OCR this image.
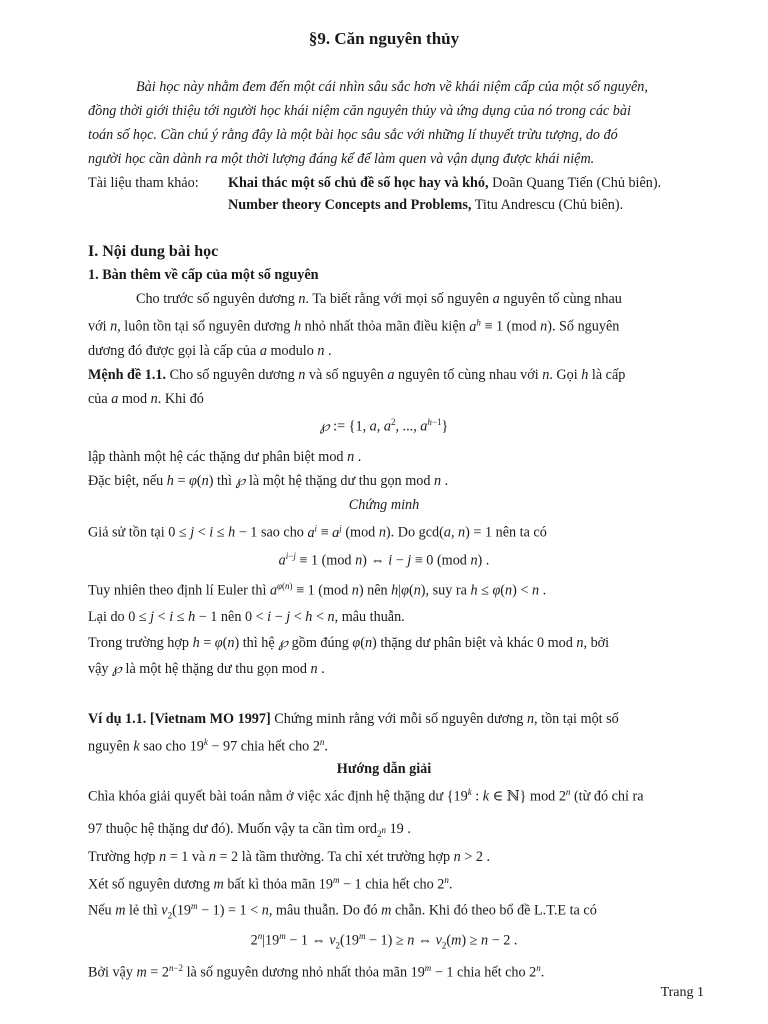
§9. Căn nguyên thủy
Bài học này nhằm đem đến một cái nhìn sâu sắc hơn về khái niệm cấp của một số nguyên,
đồng thời giới thiệu tới người học khái niệm căn nguyên thủy và ứng dụng của nó trong các bài
toán số học. Cần chú ý rằng đây là một bài học sâu sắc với những lí thuyết trừu tượng, do đó
người học cần dành ra một thời lượng đáng kể để làm quen và vận dụng được khái niệm.
Tài liệu tham khảo: Khai thác một số chủ đề số học hay và khó, Doãn Quang Tiến (Chủ biên).
Number theory Concepts and Problems, Titu Andrescu (Chủ biên).
I. Nội dung bài học
1. Bàn thêm về cấp của một số nguyên
Cho trước số nguyên dương n. Ta biết rằng với mọi số nguyên a nguyên tố cùng nhau
với n, luôn tồn tại số nguyên dương h nhỏ nhất thỏa mãn điều kiện $a^h \equiv 1$ (mod n). Số nguyên
dương đó được gọi là cấp của a modulo n .
Mệnh đề 1.1. Cho số nguyên dương n và số nguyên a nguyên tố cùng nhau với n. Gọi h là cấp
của a mod n. Khi đó
℘ := {1, a, $a^2$, ..., $a^{h-1}$}
lập thành một hệ các thặng dư phân biệt mod n .
Đặc biệt, nếu h = φ(n) thì ℘ là một hệ thặng dư thu gọn mod n .
Chứng minh
Giả sử tồn tại 0 ≤ j < i ≤ h − 1 sao cho $a^i \equiv a^j$ (mod n). Do gcd(a, n) = 1 nên ta có
$a^{i-j} \equiv 1$ (mod n) ⇔ i − j ≡ 0 (mod n) .
Tuy nhiên theo định lí Euler thì $a^{\varphi(n)} \equiv 1$ (mod n) nên h|φ(n), suy ra h ≤ φ(n) < n .
Lại do 0 ≤ j < i ≤ h − 1 nên 0 < i − j < h < n, mâu thuẫn.
Trong trường hợp h = φ(n) thì hệ ℘ gồm đúng φ(n) thặng dư phân biệt và khác 0 mod n, bởi
vậy ℘ là một hệ thặng dư thu gọn mod n .
Ví dụ 1.1. [Vietnam MO 1997] Chứng minh rằng với mỗi số nguyên dương n, tồn tại một số
nguyên k sao cho $19^k - 97$ chia hết cho 2$^n$.
Hướng dẫn giải
Chìa khóa giải quyết bài toán nằm ở việc xác định hệ thặng dư {19$^k$ : k ∈ ℕ} mod 2$^n$ (từ đó chỉ ra
97 thuộc hệ thặng dư đó). Muốn vậy ta cần tìm ord$_{2^n}$ 19 .
Trường hợp n = 1 và n = 2 là tầm thường. Ta chỉ xét trường hợp n > 2 .
Xét số nguyên dương m bất kì thỏa mãn $19^m - 1$ chia hết cho 2$^n$.
Nếu m lẻ thì $v_2(19^m - 1) = 1 < n$, mâu thuẫn. Do đó m chẵn. Khi đó theo bổ đề L.T.E ta có
$2^n|19^m - 1$ ⇔ $v_2(19^m - 1) \ge n$ ⇔ $v_2(m) \ge n - 2$ .
Bởi vậy $m = 2^{n-2}$ là số nguyên dương nhỏ nhất thỏa mãn $19^m - 1$ chia hết cho 2$^n$.
Trang 1
